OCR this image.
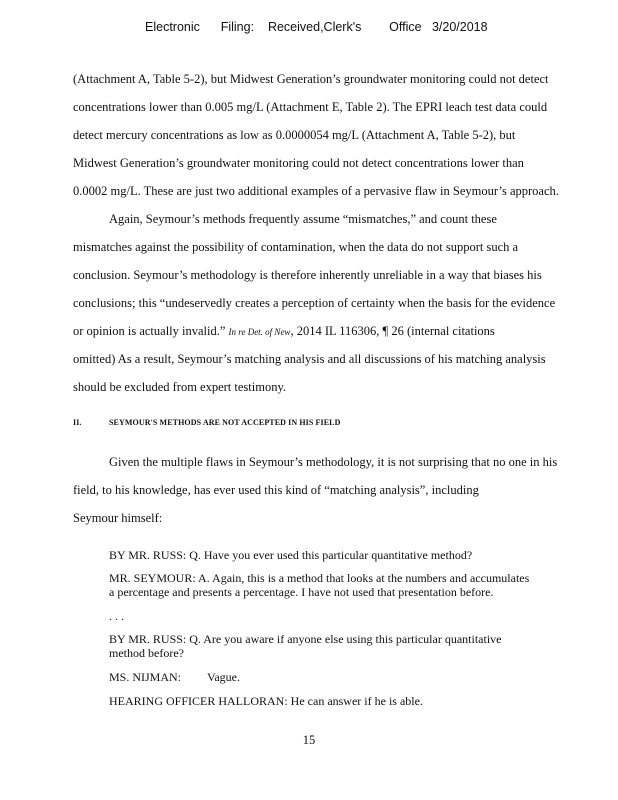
Electronic      Filing:    Received,Clerk's        Office   3/20/2018
(Attachment A, Table 5-2), but Midwest Generation’s groundwater monitoring could not detect
concentrations lower than 0.005 mg/L (Attachment E, Table 2). The EPRI leach test data could
detect mercury concentrations as low as 0.0000054 mg/L (Attachment A, Table 5-2), but
Midwest Generation’s groundwater monitoring could not detect concentrations lower than
0.0002 mg/L. These are just two additional examples of a pervasive flaw in Seymour’s approach.
Again, Seymour’s methods frequently assume “mismatches,” and count these
mismatches against the possibility of contamination, when the data do not support such a
conclusion. Seymour’s methodology is therefore inherently unreliable in a way that biases his
conclusions; this “undeservedly creates a perception of certainty when the basis for the evidence
or opinion is actually invalid.” In re Det. of New, 2014 IL 116306, ¶ 26 (internal citations
omitted) As a result, Seymour’s matching analysis and all discussions of his matching analysis
should be excluded from expert testimony.
II.	SEYMOUR'S METHODS ARE NOT ACCEPTED IN HIS FIELD
Given the multiple flaws in Seymour’s methodology, it is not surprising that no one in his
field, to his knowledge, has ever used this kind of “matching analysis”, including
Seymour himself:
BY MR. RUSS: Q. Have you ever used this particular quantitative method?
MR. SEYMOUR: A. Again, this is a method that looks at the numbers and accumulates
a percentage and presents a percentage. I have not used that presentation before.
. . .
BY MR. RUSS: Q. Are you aware if anyone else using this particular quantitative
method before?
MS. NIJMAN: Vague.
HEARING OFFICER HALLORAN: He can answer if he is able.
15
